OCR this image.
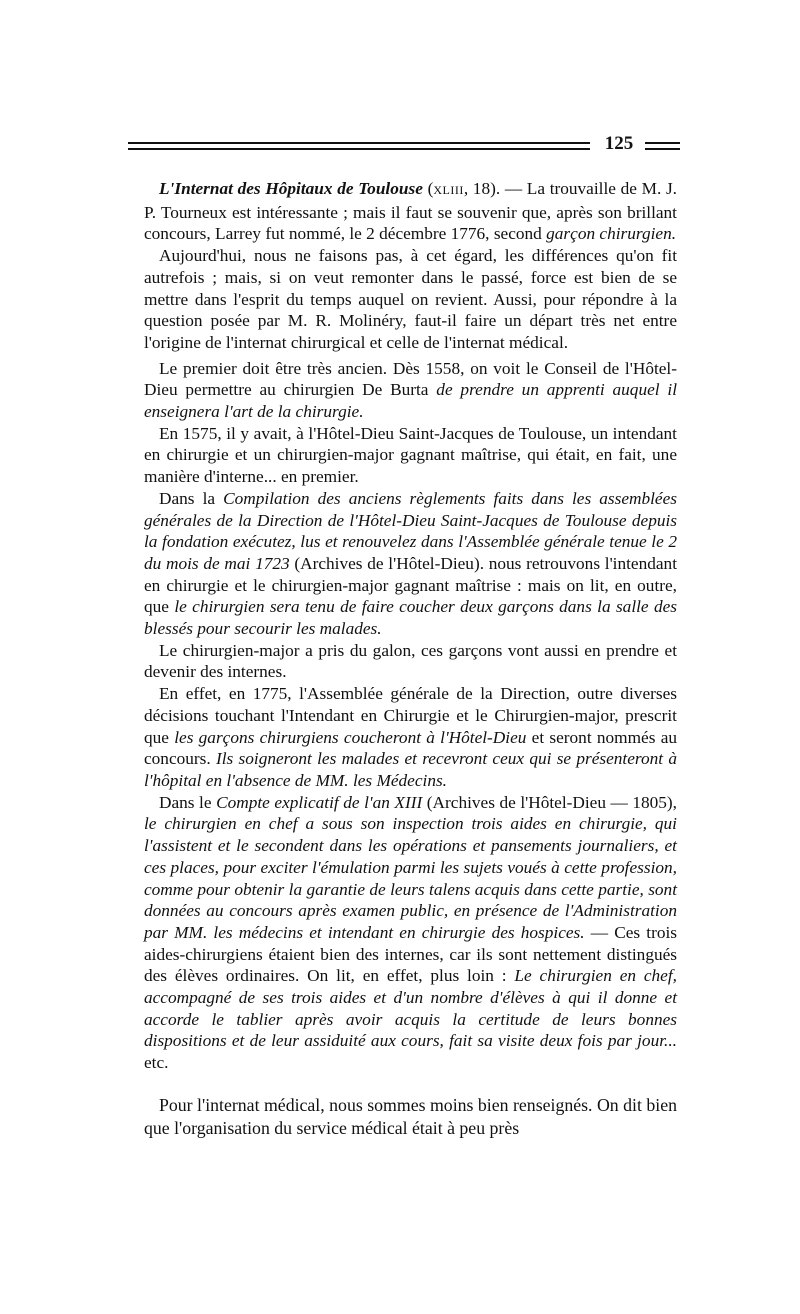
125

L'Internat des Hôpitaux de Toulouse (XLIII, 18). — La trouvaille de M. J. P. Tourneux est intéressante ; mais il faut se souvenir que, après son brillant concours, Larrey fut nommé, le 2 décembre 1776, second garçon chirurgien.

Aujourd'hui, nous ne faisons pas, à cet égard, les différences qu'on fit autrefois ; mais, si on veut remonter dans le passé, force est bien de se mettre dans l'esprit du temps auquel on revient. Aussi, pour répondre à la question posée par M. R. Molinéry, faut-il faire un départ très net entre l'origine de l'internat chirurgical et celle de l'internat médical.

Le premier doit être très ancien. Dès 1558, on voit le Conseil de l'Hôtel-Dieu permettre au chirurgien De Burta de prendre un apprenti auquel il enseignera l'art de la chirurgie.

En 1575, il y avait, à l'Hôtel-Dieu Saint-Jacques de Toulouse, un intendant en chirurgie et un chirurgien-major gagnant maîtrise, qui était, en fait, une manière d'interne... en premier.

Dans la Compilation des anciens règlements faits dans les assemblées générales de la Direction de l'Hôtel-Dieu Saint-Jacques de Toulouse depuis la fondation exécutez, lus et renouvelez dans l'Assemblée générale tenue le 2 du mois de mai 1723 (Archives de l'Hôtel-Dieu). nous retrouvons l'intendant en chirurgie et le chirurgien-major gagnant maîtrise : mais on lit, en outre, que le chirurgien sera tenu de faire coucher deux garçons dans la salle des blessés pour secourir les malades.

Le chirurgien-major a pris du galon, ces garçons vont aussi en prendre et devenir des internes.

En effet, en 1775, l'Assemblée générale de la Direction, outre diverses décisions touchant l'Intendant en Chirurgie et le Chirurgien-major, prescrit que les garçons chirurgiens coucheront à l'Hôtel-Dieu et seront nommés au concours. Ils soigneront les malades et recevront ceux qui se présenteront à l'hôpital en l'absence de MM. les Médecins.

Dans le Compte explicatif de l'an XIII (Archives de l'Hôtel-Dieu — 1805), le chirurgien en chef a sous son inspection trois aides en chirurgie, qui l'assistent et le secondent dans les opérations et pansements journaliers, et ces places, pour exciter l'émulation parmi les sujets voués à cette profession, comme pour obtenir la garantie de leurs talens acquis dans cette partie, sont données au concours après examen public, en présence de l'Administration par MM. les médecins et intendant en chirurgie des hospices. — Ces trois aides-chirurgiens étaient bien des internes, car ils sont nettement distingués des élèves ordinaires. On lit, en effet, plus loin : Le chirurgien en chef, accompagné de ses trois aides et d'un nombre d'élèves à qui il donne et accorde le tablier après avoir acquis la certitude de leurs bonnes dispositions et de leur assiduité aux cours, fait sa visite deux fois par jour... etc.

Pour l'internat médical, nous sommes moins bien renseignés. On dit bien que l'organisation du service médical était à peu près
